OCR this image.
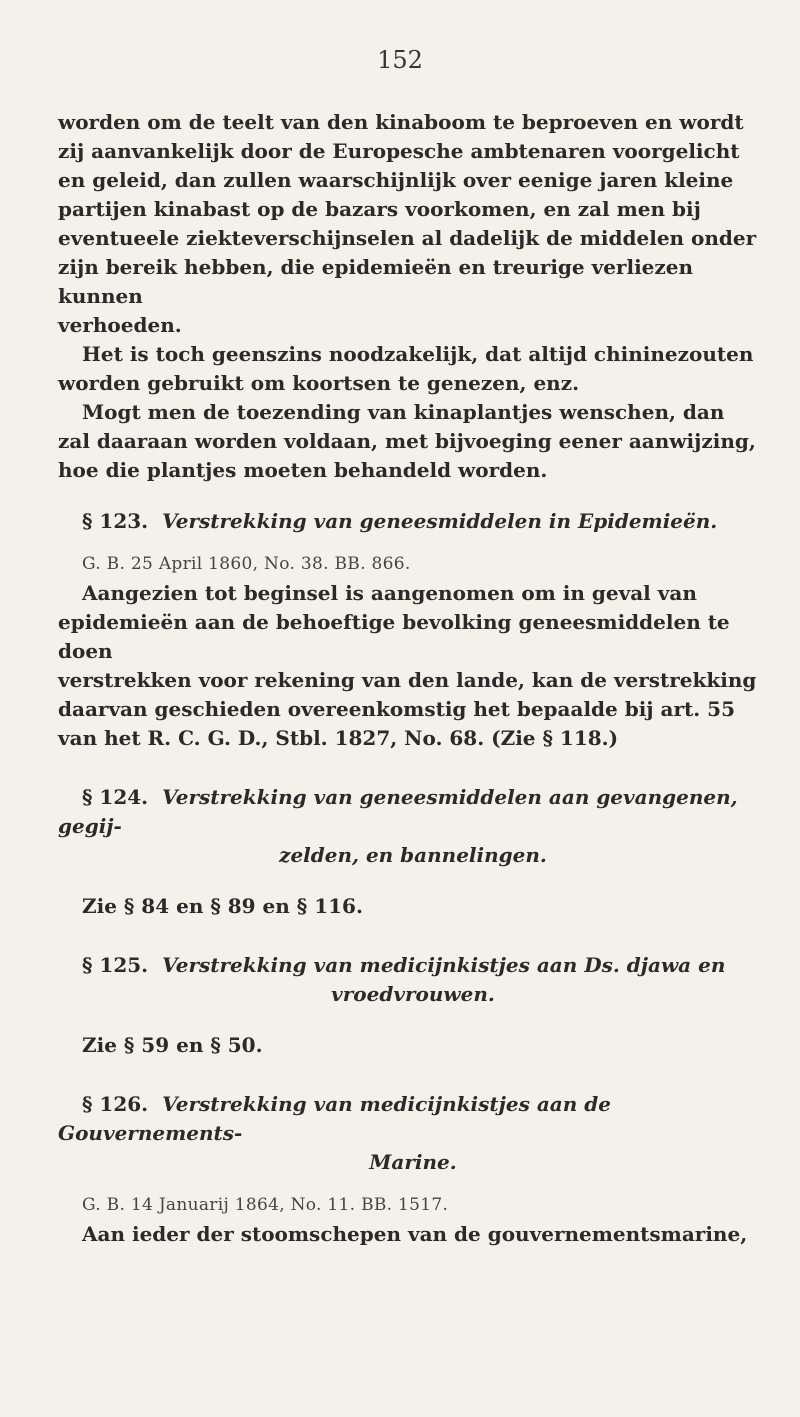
152

worden om de teelt van den kinaboom te beproeven en wordt
zij aanvankelijk door de Europesche ambtenaren voorgelicht
en geleid, dan zullen waarschijnlijk over eenige jaren kleine
partijen kinabast op de bazars voorkomen, en zal men bij
eventueele ziekteverschijnselen al dadelijk de middelen onder
zijn bereik hebben, die epidemieën en treurige verliezen kunnen
verhoeden.

Het is toch geenszins noodzakelijk, dat altijd chininezouten
worden gebruikt om koortsen te genezen, enz.

Mogt men de toezending van kinaplantjes wenschen, dan
zal daaraan worden voldaan, met bijvoeging eener aanwijzing,
hoe die plantjes moeten behandeld worden.

§ 123. Verstrekking van geneesmiddelen in Epidemieën.
G. B. 25 April 1860, No. 38. BB. 866.

Aangezien tot beginsel is aangenomen om in geval van
epidemieën aan de behoeftige bevolking geneesmiddelen te doen
verstrekken voor rekening van den lande, kan de verstrekking
daarvan geschieden overeenkomstig het bepaalde bij art. 55
van het R. C. G. D., Stbl. 1827, No. 68. (Zie § 118.)

§ 124. Verstrekking van geneesmiddelen aan gevangenen, gegij-
zelden, en bannelingen.
Zie § 84 en § 89 en § 116.
§ 125. Verstrekking van medicijnkistjes aan Ds. djawa en
vroedvrouwen.
Zie § 59 en § 50.
§ 126. Verstrekking van medicijnkistjes aan de Gouvernements-
Marine.
G. B. 14 Januarij 1864, No. 11. BB. 1517.

Aan ieder der stoomschepen van de gouvernementsmarine,
